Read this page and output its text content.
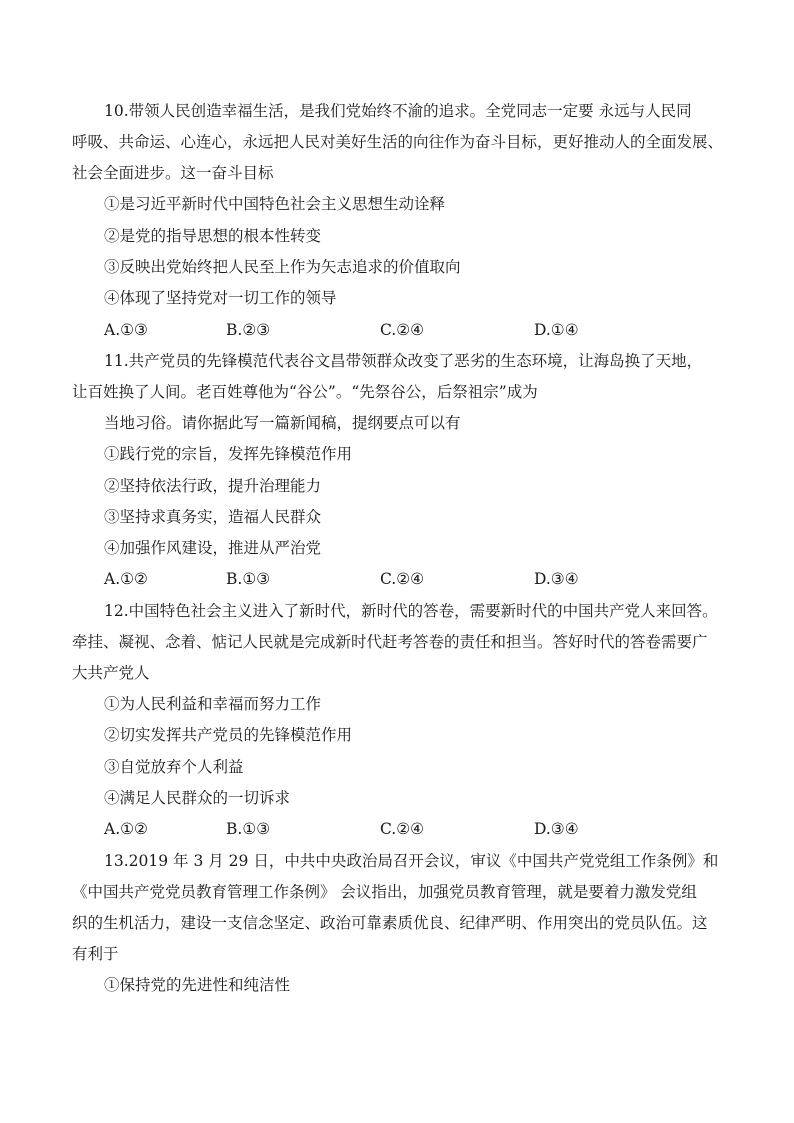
10.带领人民创造幸福生活，是我们党始终不渝的追求。全党同志一定要 永远与人民同
呼吸、共命运、心连心，永远把人民对美好生活的向往作为奋斗目标，更好推动人的全面发展、
社会全面进步。这一奋斗目标
①是习近平新时代中国特色社会主义思想生动诠释
②是党的指导思想的根本性转变
③反映出党始终把人民至上作为矢志追求的价值取向
④体现了坚持党对一切工作的领导
A.①③	B.②③	C.②④	D.①④
11.共产党员的先锋模范代表谷文昌带领群众改变了恶劣的生态环境，让海岛换了天地，
让百姓换了人间。老百姓尊他为“谷公”。“先祭谷公，后祭祖宗”成为
当地习俗。请你据此写一篇新闻稿，提纲要点可以有
①践行党的宗旨，发挥先锋模范作用
②坚持依法行政，提升治理能力
③坚持求真务实，造福人民群众
④加强作风建设，推进从严治党
A.①②	B.①③	C.②④	D.③④
12.中国特色社会主义进入了新时代，新时代的答卷，需要新时代的中国共产党人来回答。
牵挂、凝视、念着、惦记人民就是完成新时代赶考答卷的责任和担当。答好时代的答卷需要广
大共产党人
①为人民利益和幸福而努力工作
②切实发挥共产党员的先锋模范作用
③自觉放弃个人利益
④满足人民群众的一切诉求
A.①②	B.①③	C.②④	D.③④
13.2019 年 3 月 29 日，中共中央政治局召开会议，审议《中国共产党党组工作条例》和
《中国共产党党员教育管理工作条例》 会议指出，加强党员教育管理，就是要着力激发党组
织的生机活力，建设一支信念坚定、政治可靠素质优良、纪律严明、作用突出的党员队伍。这
有利于
①保持党的先进性和纯洁性
